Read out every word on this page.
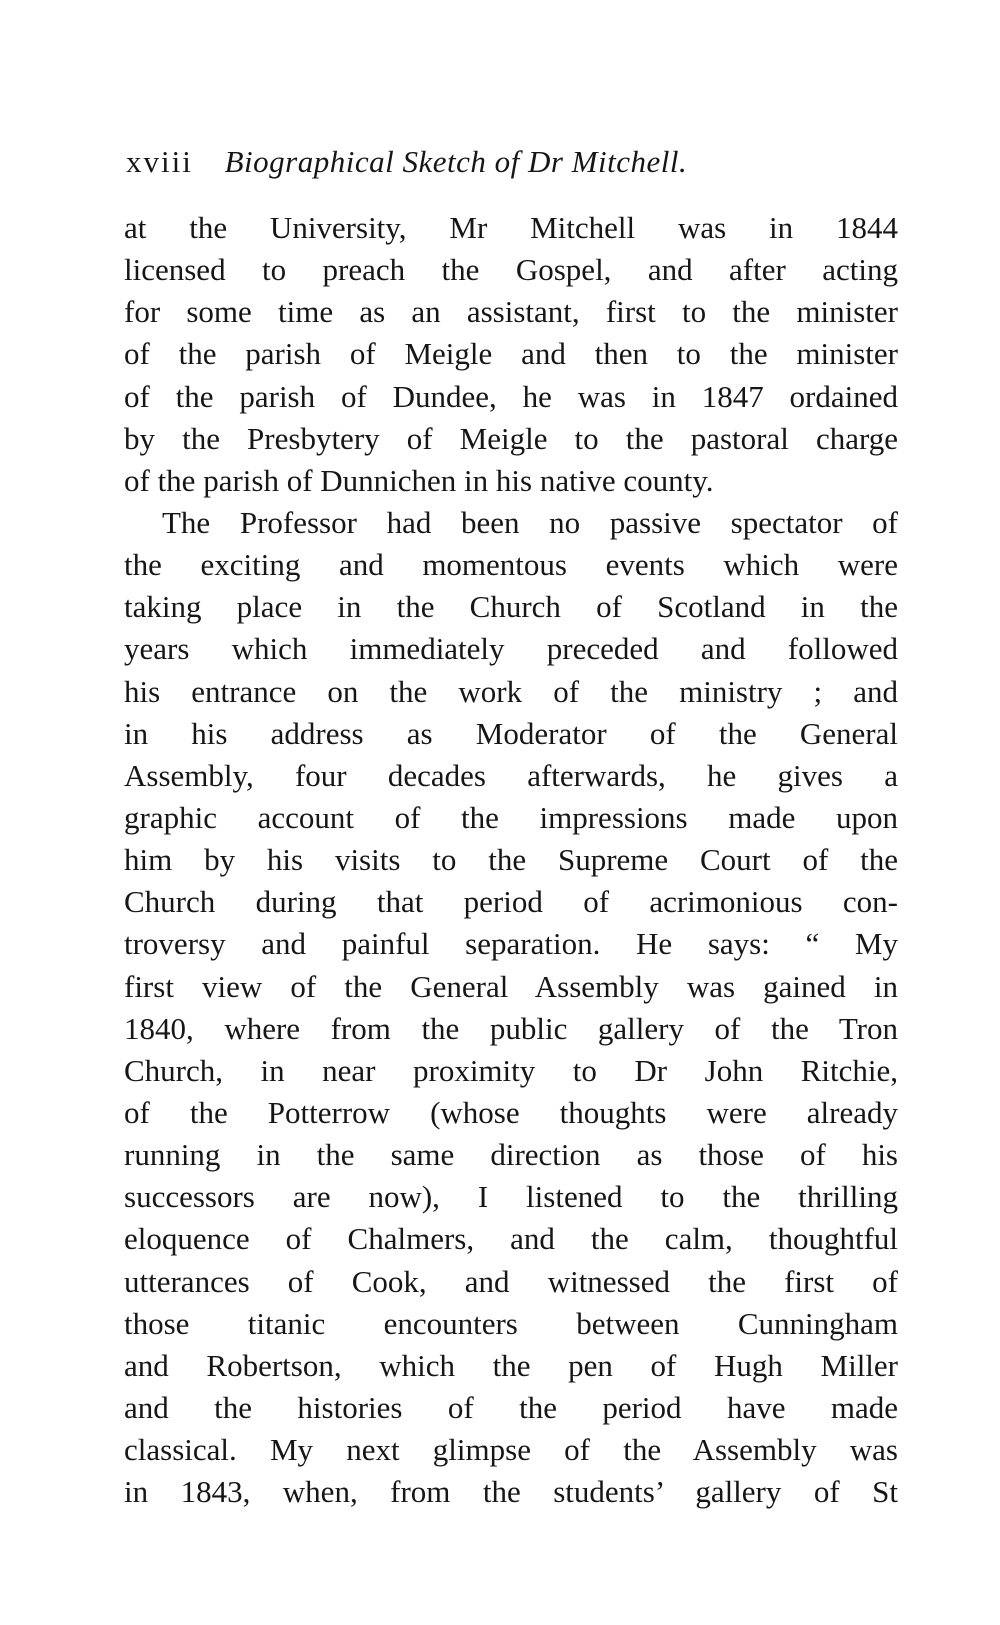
xviii Biographical Sketch of Dr Mitchell.
at the University, Mr Mitchell was in 1844
licensed to preach the Gospel, and after acting
for some time as an assistant, first to the minister
of the parish of Meigle and then to the minister
of the parish of Dundee, he was in 1847 ordained
by the Presbytery of Meigle to the pastoral charge
of the parish of Dunnichen in his native county.
The Professor had been no passive spectator of
the exciting and momentous events which were
taking place in the Church of Scotland in the
years which immediately preceded and followed
his entrance on the work of the ministry ; and
in his address as Moderator of the General
Assembly, four decades afterwards, he gives a
graphic account of the impressions made upon
him by his visits to the Supreme Court of the
Church during that period of acrimonious con-
troversy and painful separation. He says: “ My
first view of the General Assembly was gained in
1840, where from the public gallery of the Tron
Church, in near proximity to Dr John Ritchie,
of the Potterrow (whose thoughts were already
running in the same direction as those of his
successors are now), I listened to the thrilling
eloquence of Chalmers, and the calm, thoughtful
utterances of Cook, and witnessed the first of
those titanic encounters between Cunningham
and Robertson, which the pen of Hugh Miller
and the histories of the period have made
classical. My next glimpse of the Assembly was
in 1843, when, from the students’ gallery of St
